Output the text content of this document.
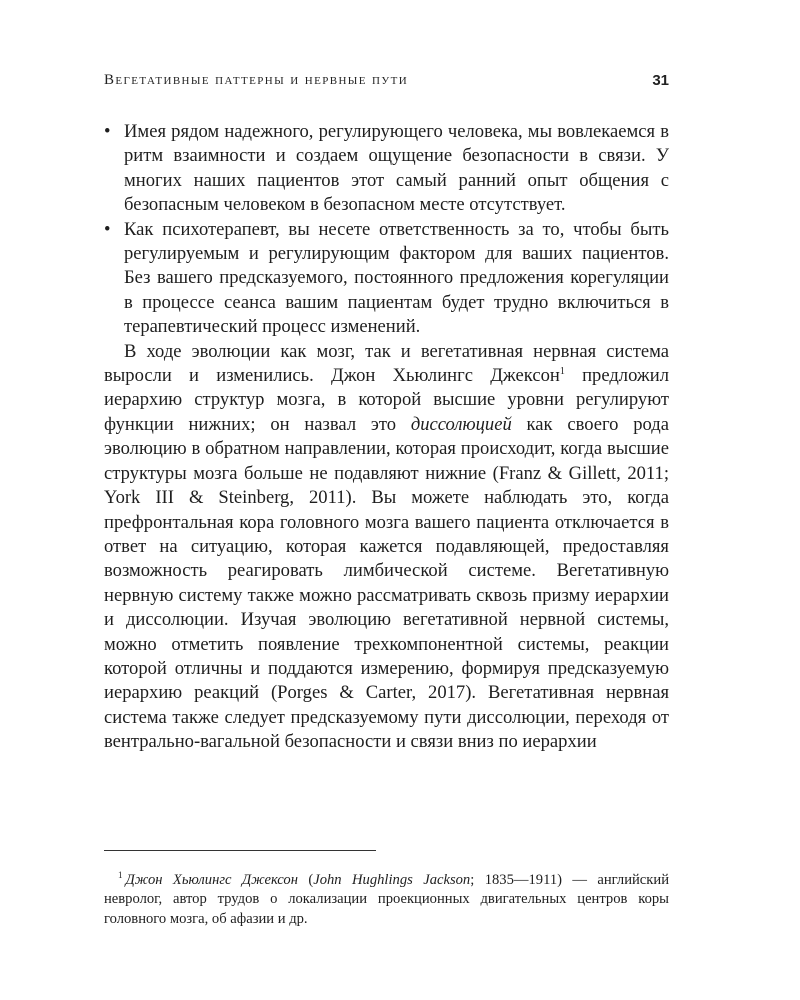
Вегетативные паттерны и нервные пути	31
• Имея рядом надежного, регулирующего человека, мы вовлекаемся в ритм взаимности и создаем ощущение безопасности в связи. У многих наших пациентов этот самый ранний опыт общения с безопасным человеком в безопасном месте отсутствует.
• Как психотерапевт, вы несете ответственность за то, чтобы быть регулируемым и регулирующим фактором для ваших пациентов. Без вашего предсказуемого, постоянного предложения корегуляции в процессе сеанса вашим пациентам будет трудно включиться в терапевтический процесс изменений.

В ходе эволюции как мозг, так и вегетативная нервная система выросли и изменились. Джон Хьюлингс Джексон$^1$ предложил иерархию структур мозга, в которой высшие уровни регулируют функции нижних; он назвал это диссолюцией как своего рода эволюцию в обратном направлении, которая происходит, когда высшие структуры мозга больше не подавляют нижние (Franz & Gillett, 2011; York III & Steinberg, 2011). Вы можете наблюдать это, когда префронтальная кора головного мозга вашего пациента отключается в ответ на ситуацию, которая кажется подавляющей, предоставляя возможность реагировать лимбической системе. Вегетативную нервную систему также можно рассматривать сквозь призму иерархии и диссолюции. Изучая эволюцию вегетативной нервной системы, можно отметить появление трехкомпонентной системы, реакции которой отличны и поддаются измерению, формируя предсказуемую иерархию реакций (Porges & Carter, 2017). Вегетативная нервная система также следует предсказуемому пути диссолюции, переходя от вентрально-вагальной безопасности и связи вниз по иерархии

$^1$ Джон Хьюлингс Джексон (John Hughlings Jackson; 1835—1911) — английский невролог, автор трудов о локализации проекционных двигательных центров коры головного мозга, об афазии и др.
